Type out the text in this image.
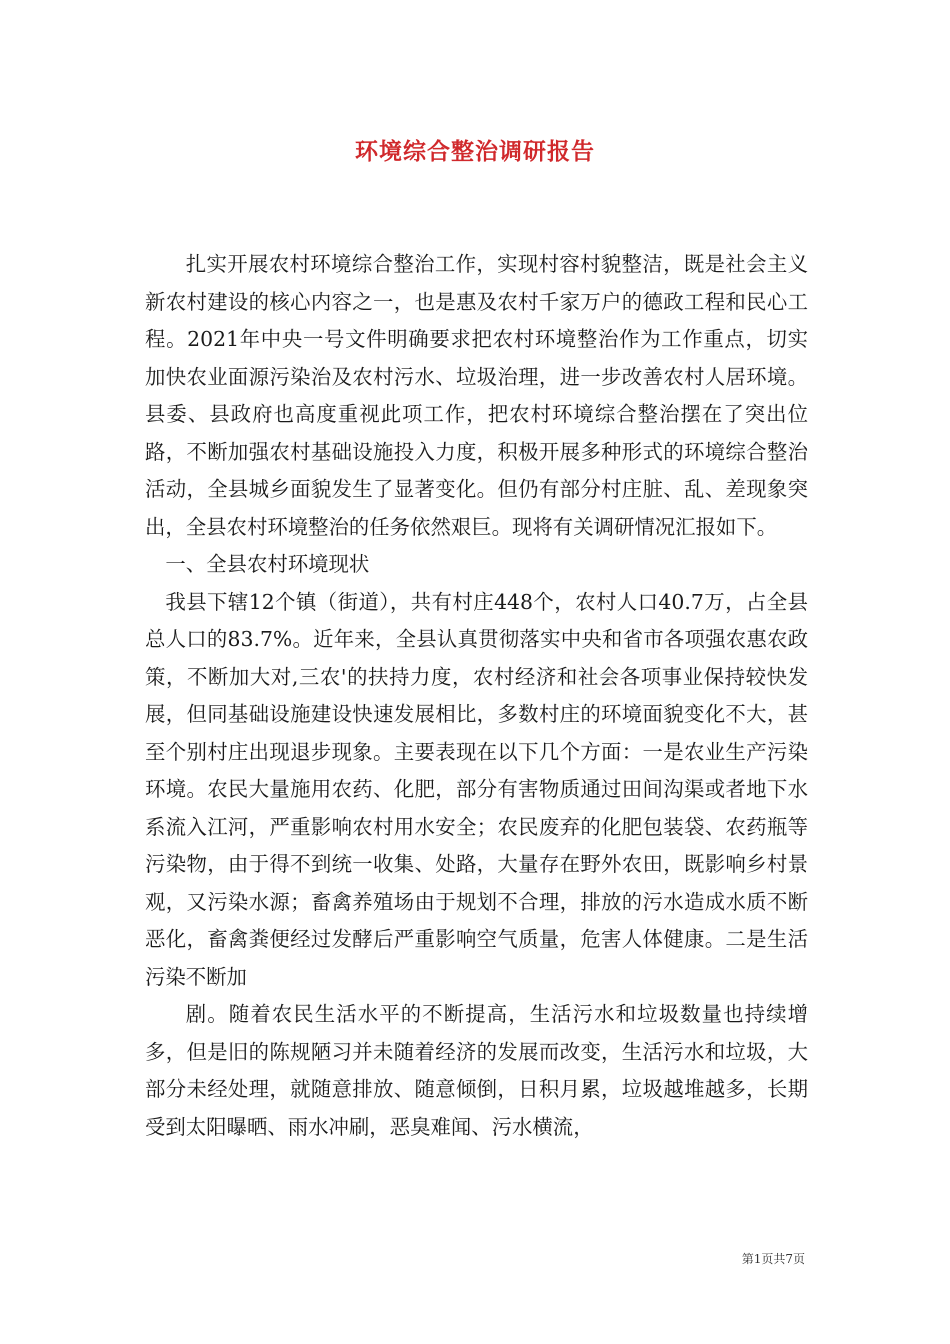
环境综合整治调研报告

扎实开展农村环境综合整治工作，实现村容村貌整洁，既是社会主义新农村建设的核心内容之一，也是惠及农村千家万户的德政工程和民心工程。2021年中央一号文件明确要求把农村环境整治作为工作重点，切实加快农业面源污染治及农村污水、垃圾治理，进一步改善农村人居环境。县委、县政府也高度重视此项工作，把农村环境综合整治摆在了突出位路，不断加强农村基础设施投入力度，积极开展多种形式的环境综合整治活动，全县城乡面貌发生了显著变化。但仍有部分村庄脏、乱、差现象突出，全县农村环境整治的任务依然艰巨。现将有关调研情况汇报如下。

一、全县农村环境现状

我县下辖12个镇（街道），共有村庄448个，农村人口40.7万，占全县总人口的83.7%。近年来，全县认真贯彻落实中央和省市各项强农惠农政策，不断加大对,三农'的扶持力度，农村经济和社会各项事业保持较快发展，但同基础设施建设快速发展相比，多数村庄的环境面貌变化不大，甚至个别村庄出现退步现象。主要表现在以下几个方面：一是农业生产污染环境。农民大量施用农药、化肥，部分有害物质通过田间沟渠或者地下水系流入江河，严重影响农村用水安全；农民废弃的化肥包装袋、农药瓶等污染物，由于得不到统一收集、处路，大量存在野外农田，既影响乡村景观，又污染水源；畜禽养殖场由于规划不合理，排放的污水造成水质不断恶化，畜禽粪便经过发酵后严重影响空气质量，危害人体健康。二是生活污染不断加

剧。随着农民生活水平的不断提高，生活污水和垃圾数量也持续增多，但是旧的陈规陋习并未随着经济的发展而改变，生活污水和垃圾，大部分未经处理，就随意排放、随意倾倒，日积月累，垃圾越堆越多，长期受到太阳曝晒、雨水冲刷，恶臭难闻、污水横流，

第1页共7页
